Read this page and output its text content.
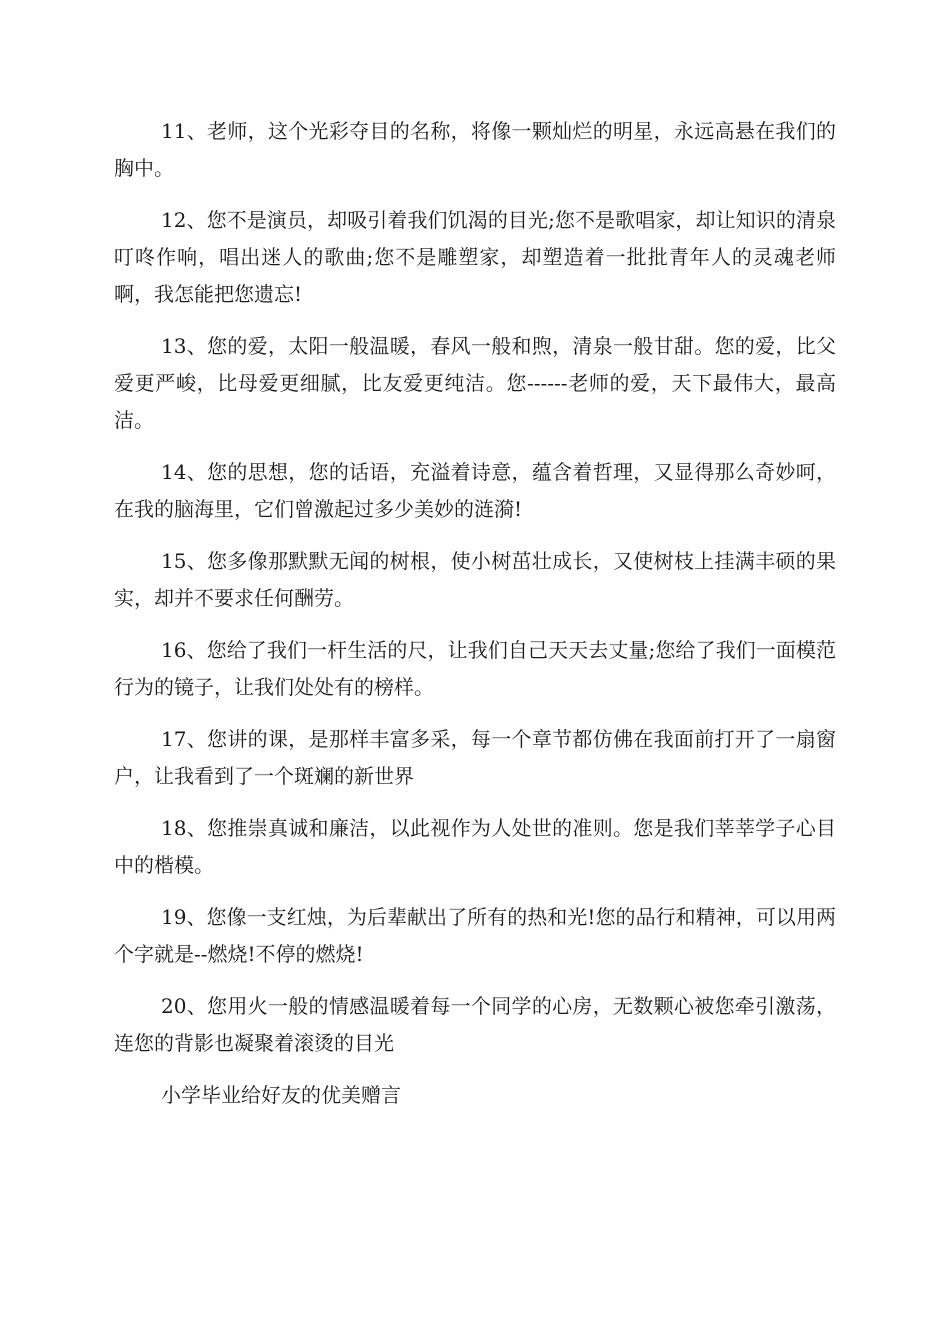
11、老师，这个光彩夺目的名称，将像一颗灿烂的明星，永远高悬在我们的胸中。

12、您不是演员，却吸引着我们饥渴的目光;您不是歌唱家，却让知识的清泉叮咚作响，唱出迷人的歌曲;您不是雕塑家，却塑造着一批批青年人的灵魂老师啊，我怎能把您遗忘!

13、您的爱，太阳一般温暖，春风一般和煦，清泉一般甘甜。您的爱，比父爱更严峻，比母爱更细腻，比友爱更纯洁。您------老师的爱，天下最伟大，最高洁。

14、您的思想，您的话语，充溢着诗意，蕴含着哲理，又显得那么奇妙呵，在我的脑海里，它们曾激起过多少美妙的涟漪!

15、您多像那默默无闻的树根，使小树茁壮成长，又使树枝上挂满丰硕的果实，却并不要求任何酬劳。

16、您给了我们一杆生活的尺，让我们自己天天去丈量;您给了我们一面模范行为的镜子，让我们处处有的榜样。

17、您讲的课，是那样丰富多采，每一个章节都仿佛在我面前打开了一扇窗户，让我看到了一个斑斓的新世界

18、您推崇真诚和廉洁，以此视作为人处世的准则。您是我们莘莘学子心目中的楷模。

19、您像一支红烛，为后辈献出了所有的热和光!您的品行和精神，可以用两个字就是--燃烧!不停的燃烧!

20、您用火一般的情感温暖着每一个同学的心房，无数颗心被您牵引激荡，连您的背影也凝聚着滚烫的目光

小学毕业给好友的优美赠言
